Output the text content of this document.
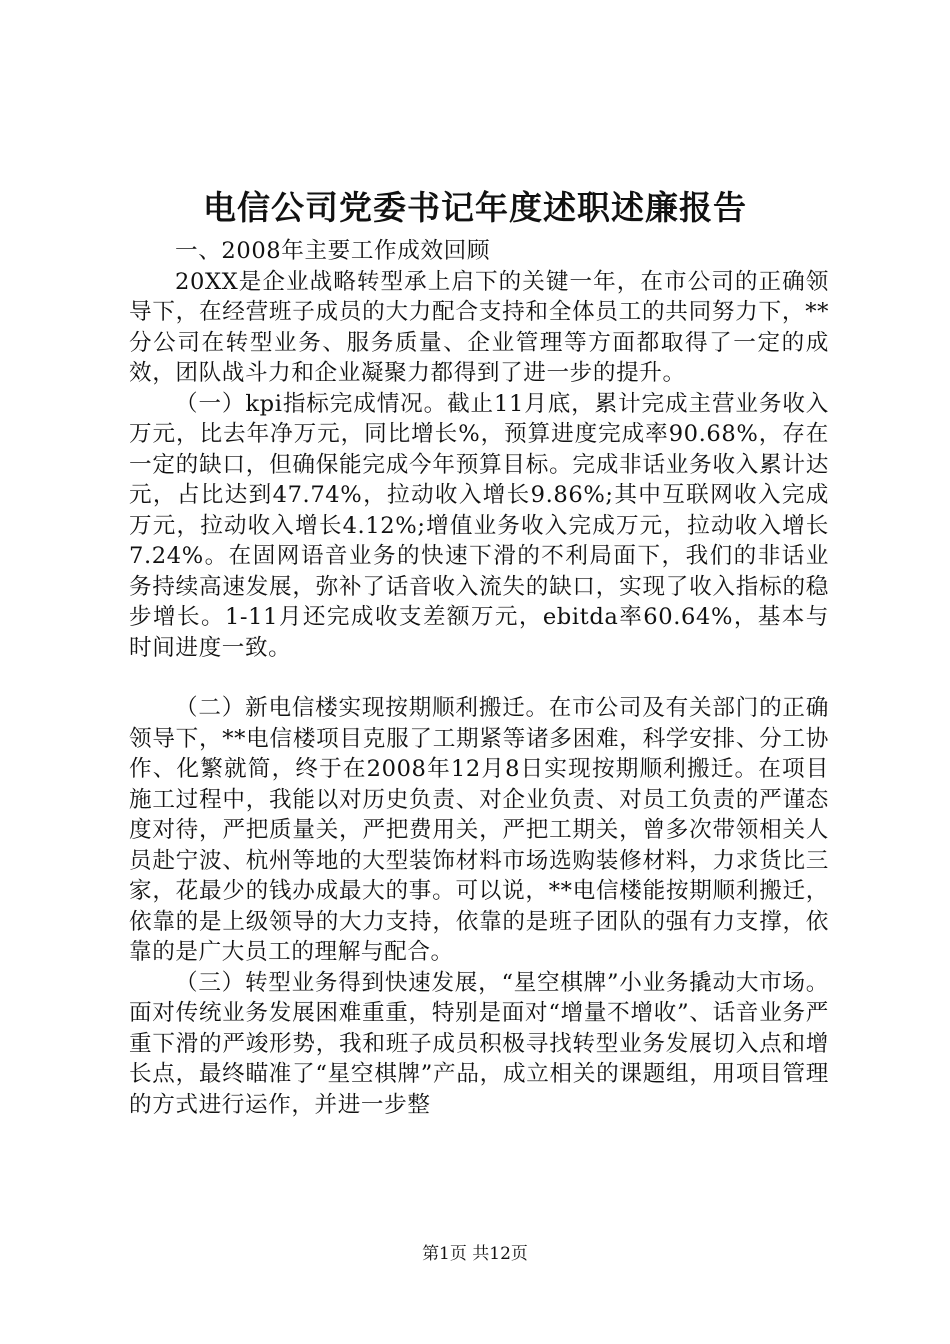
电信公司党委书记年度述职述廉报告

一、2008年主要工作成效回顾

20XX是企业战略转型承上启下的关键一年，在市公司的正确领导下，在经营班子成员的大力配合支持和全体员工的共同努力下，**分公司在转型业务、服务质量、企业管理等方面都取得了一定的成效，团队战斗力和企业凝聚力都得到了进一步的提升。

（一）kpi指标完成情况。截止11月底，累计完成主营业务收入万元，比去年净万元，同比增长%，预算进度完成率90.68%，存在一定的缺口，但确保能完成今年预算目标。完成非话业务收入累计达元，占比达到47.74%，拉动收入增长9.86%;其中互联网收入完成万元，拉动收入增长4.12%;增值业务收入完成万元，拉动收入增长7.24%。在固网语音业务的快速下滑的不利局面下，我们的非话业务持续高速发展，弥补了话音收入流失的缺口，实现了收入指标的稳步增长。1-11月还完成收支差额万元，ebitda率60.64%，基本与时间进度一致。

（二）新电信楼实现按期顺利搬迁。在市公司及有关部门的正确领导下，**电信楼项目克服了工期紧等诸多困难，科学安排、分工协作、化繁就简，终于在2008年12月8日实现按期顺利搬迁。在项目施工过程中，我能以对历史负责、对企业负责、对员工负责的严谨态度对待，严把质量关，严把费用关，严把工期关，曾多次带领相关人员赴宁波、杭州等地的大型装饰材料市场选购装修材料，力求货比三家，花最少的钱办成最大的事。可以说，**电信楼能按期顺利搬迁，依靠的是上级领导的大力支持，依靠的是班子团队的强有力支撑，依靠的是广大员工的理解与配合。

（三）转型业务得到快速发展，“星空棋牌”小业务撬动大市场。面对传统业务发展困难重重，特别是面对“增量不增收”、话音业务严重下滑的严竣形势，我和班子成员积极寻找转型业务发展切入点和增长点，最终瞄准了“星空棋牌”产品，成立相关的课题组，用项目管理的方式进行运作，并进一步整

第1页 共12页
